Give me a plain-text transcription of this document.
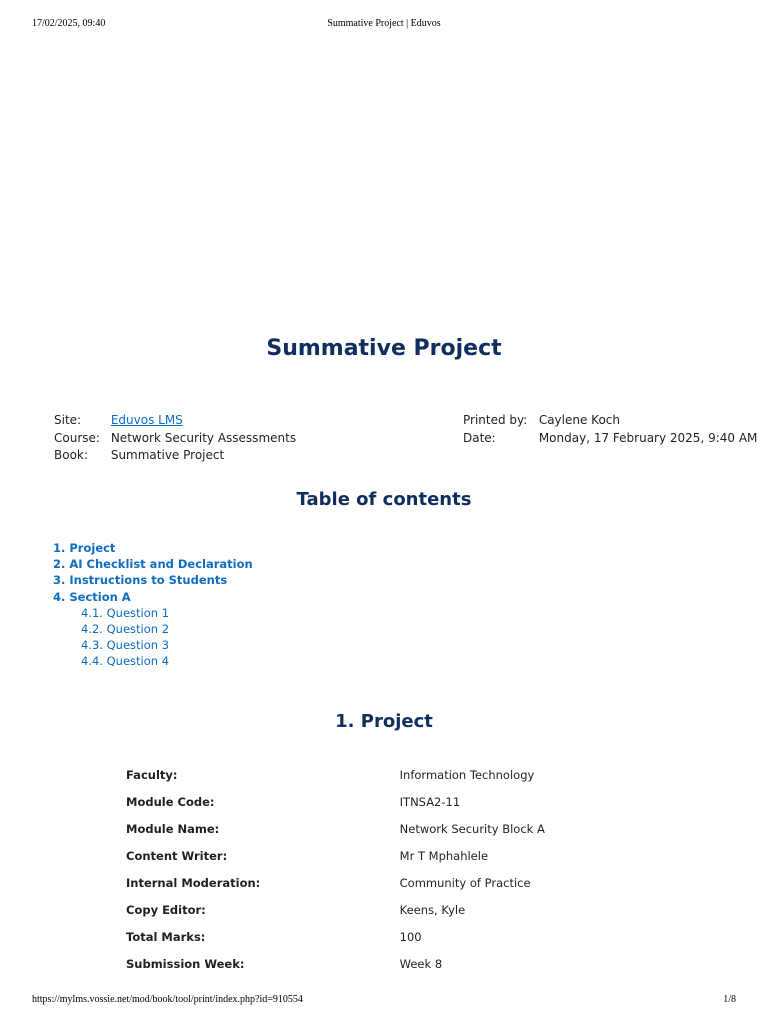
17/02/2025, 09:40	Summative Project | Eduvos
Summative Project
Site: Eduvos LMS
Course: Network Security Assessments
Book: Summative Project
Printed by: Caylene Koch
Date:	Monday, 17 February 2025, 9:40 AM
Table of contents
1. Project
2. AI Checklist and Declaration
3. Instructions to Students
4. Section A
4.1. Question 1
4.2. Question 2
4.3. Question 3
4.4. Question 4
1. Project
Faculty:	Information Technology
Module Code:	ITNSA2-11
Module Name:	Network Security Block A
Content Writer:	Mr T Mphahlele
Internal Moderation:	Community of Practice
Copy Editor:	Keens, Kyle
Total Marks:	100
Submission Week:	Week 8
https://mylms.vossie.net/mod/book/tool/print/index.php?id=910554	1/8
